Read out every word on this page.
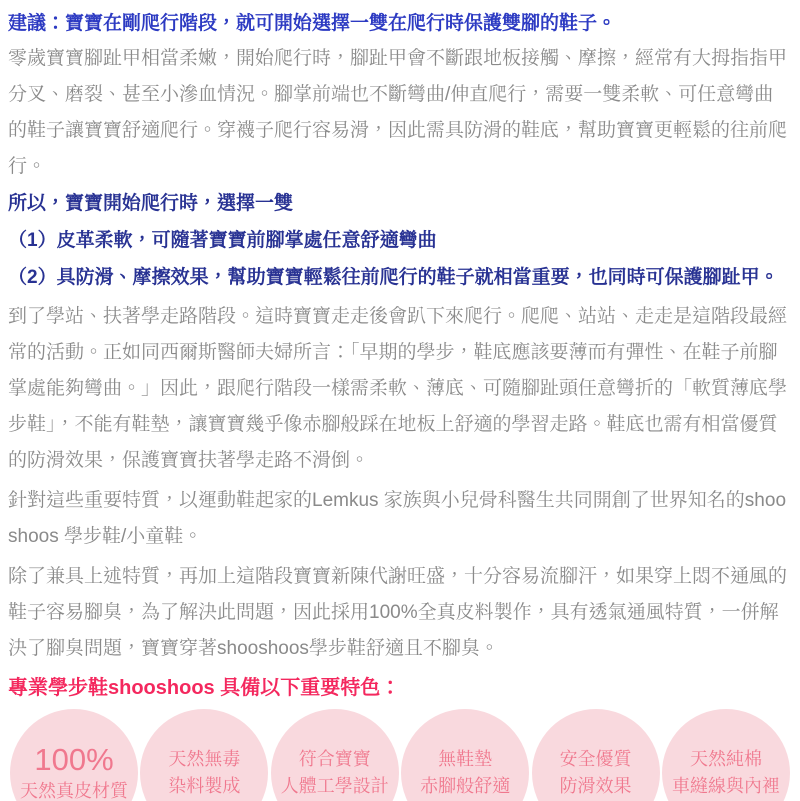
建議：寶寶在剛爬行階段，就可開始選擇一雙在爬行時保護雙腳的鞋子。

零歲寶寶腳趾甲相當柔嫩，開始爬行時，腳趾甲會不斷跟地板接觸、摩擦，經常有大拇指指甲分叉、磨裂、甚至小滲血情況。腳掌前端也不斷彎曲/伸直爬行，需要一雙柔軟、可任意彎曲的鞋子讓寶寶舒適爬行。穿襪子爬行容易滑，因此需具防滑的鞋底，幫助寶寶更輕鬆的往前爬行。

所以，寶寶開始爬行時，選擇一雙

（1）皮革柔軟，可隨著寶寶前腳掌處任意舒適彎曲

（2）具防滑、摩擦效果，幫助寶寶輕鬆往前爬行的鞋子就相當重要，也同時可保護腳趾甲。

到了學站、扶著學走路階段。這時寶寶走走後會趴下來爬行。爬爬、站站、走走是這階段最經常的活動。正如同西爾斯醫師夫婦所言：「早期的學步，鞋底應該要薄而有彈性、在鞋子前腳掌處能夠彎曲。」因此，跟爬行階段一樣需柔軟、薄底、可隨腳趾頭任意彎折的「軟質薄底學步鞋」，不能有鞋墊，讓寶寶幾乎像赤腳般踩在地板上舒適的學習走路。鞋底也需有相當優質的防滑效果，保護寶寶扶著學走路不滑倒。

針對這些重要特質，以運動鞋起家的Lemkus 家族與小兒骨科醫生共同開創了世界知名的shooshoos 學步鞋/小童鞋。

除了兼具上述特質，再加上這階段寶寶新陳代謝旺盛，十分容易流腳汗，如果穿上悶不通風的鞋子容易腳臭，為了解決此問題，因此採用100%全真皮料製作，具有透氣通風特質，一併解決了腳臭問題，寶寶穿著shooshoos學步鞋舒適且不腳臭。

專業學步鞋shooshoos 具備以下重要特色：
100%
天然真皮材質
天然無毒
染料製成
符合寶寶
人體工學設計
無鞋墊
赤腳般舒適
安全優質
防滑效果
天然純棉
車縫線與內裡
